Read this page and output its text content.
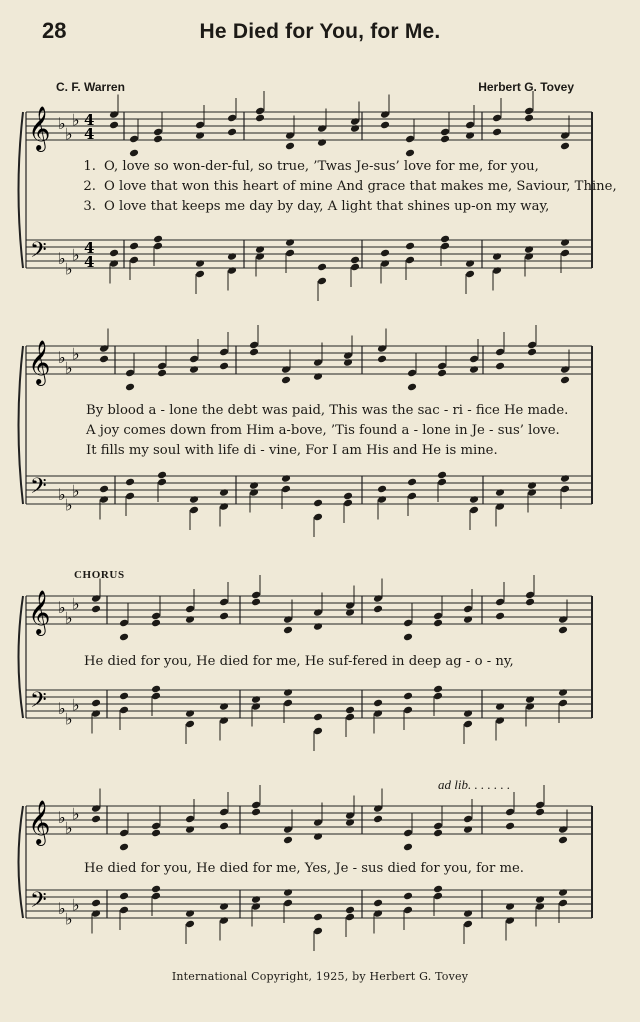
28	He Died for You, for Me.
C. F. Warren	Herbert G. Tovey
𝄞
𝄢
♭
♭
♭
♭
♭
♭
4
4
4
4
1. O, love so won-der-ful, so true, ’Twas Je-sus’ love for me, for you,
2. O love that won this heart of mine And grace that makes me, Saviour, Thine,
3. O love that keeps me day by day, A light that shines up-on my way,
𝄞
𝄢
♭
♭
♭
♭
♭
♭
By blood a - lone the debt was paid, This was the sac - ri - fice He made.
A joy comes down from Him a-bove, ’Tis found a - lone in Je - sus’ love.
It fills my soul with life di - vine, For I am His and He is mine.
CHORUS
𝄞
𝄢
♭
♭
♭
♭
♭
♭
He died for you, He died for me, He suf-fered in deep ag - o - ny,
ad lib. . . . . . .
𝄞
𝄢
♭
♭
♭
♭
♭
♭
He died for you, He died for me, Yes, Je - sus died for you, for me.
International Copyright, 1925, by Herbert G. Tovey
